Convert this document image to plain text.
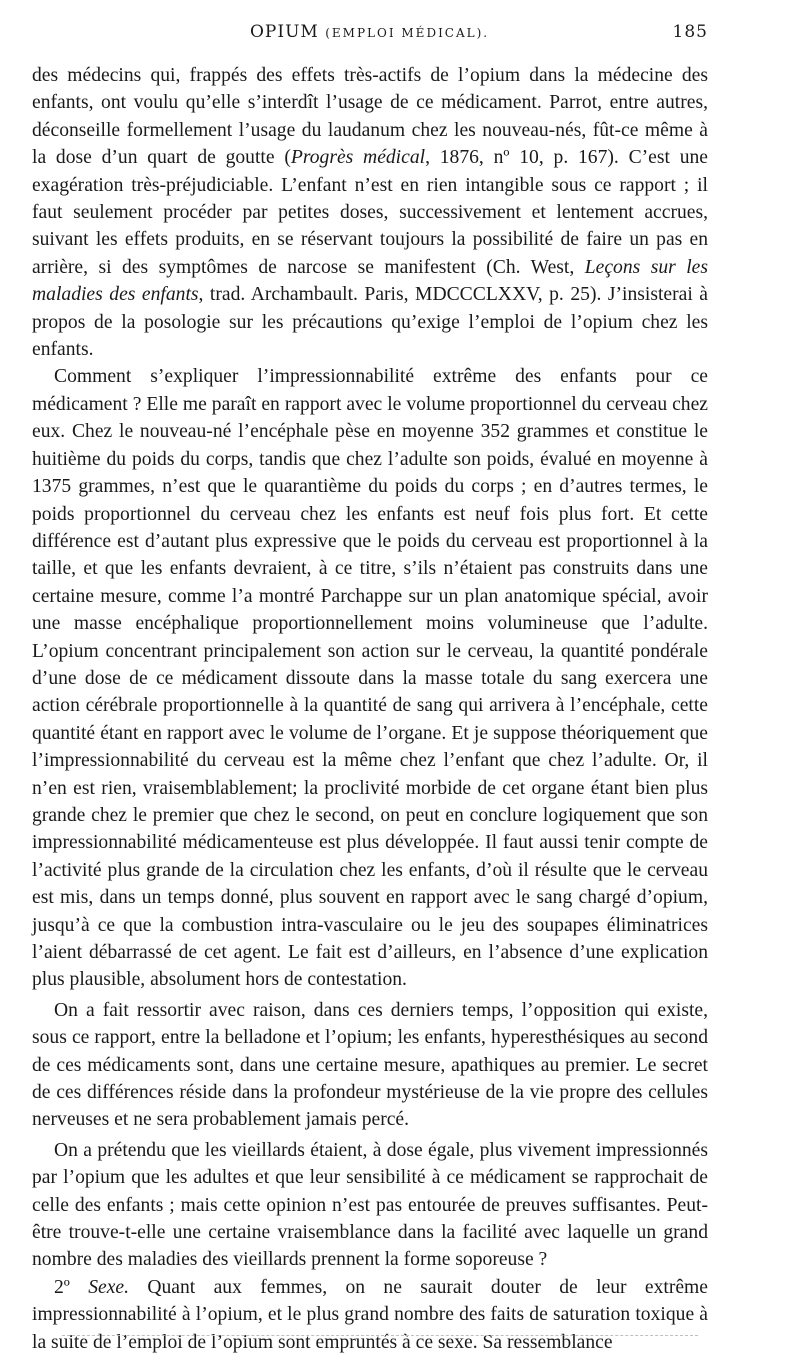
OPIUM (EMPLOI MÉDICAL).	185

des médecins qui, frappés des effets très-actifs de l’opium dans la médecine des enfants, ont voulu qu’elle s’interdît l’usage de ce médicament. Parrot, entre autres, déconseille formellement l’usage du laudanum chez les nouveau-nés, fût-ce même à la dose d’un quart de goutte (Progrès médical, 1876, nº 10, p. 167). C’est une exagération très-préjudiciable. L’enfant n’est en rien intangible sous ce rapport ; il faut seulement procéder par petites doses, successivement et lentement accrues, suivant les effets produits, en se réservant toujours la possibilité de faire un pas en arrière, si des symptômes de narcose se manifestent (Ch. West, Leçons sur les maladies des enfants, trad. Archambault. Paris, MDCCCLXXV, p. 25). J’insisterai à propos de la posologie sur les précautions qu’exige l’emploi de l’opium chez les enfants.

Comment s’expliquer l’impressionnabilité extrême des enfants pour ce médicament ? Elle me paraît en rapport avec le volume proportionnel du cerveau chez eux. Chez le nouveau-né l’encéphale pèse en moyenne 352 grammes et constitue le huitième du poids du corps, tandis que chez l’adulte son poids, évalué en moyenne à 1375 grammes, n’est que le quarantième du poids du corps ; en d’autres termes, le poids proportionnel du cerveau chez les enfants est neuf fois plus fort. Et cette différence est d’autant plus expressive que le poids du cerveau est proportionnel à la taille, et que les enfants devraient, à ce titre, s’ils n’étaient pas construits dans une certaine mesure, comme l’a montré Parchappe sur un plan anatomique spécial, avoir une masse encéphalique proportionnellement moins volumineuse que l’adulte. L’opium concentrant principalement son action sur le cerveau, la quantité pondérale d’une dose de ce médicament dissoute dans la masse totale du sang exercera une action cérébrale proportionnelle à la quantité de sang qui arrivera à l’encéphale, cette quantité étant en rapport avec le volume de l’organe. Et je suppose théoriquement que l’impressionnabilité du cerveau est la même chez l’enfant que chez l’adulte. Or, il n’en est rien, vraisemblablement; la proclivité morbide de cet organe étant bien plus grande chez le premier que chez le second, on peut en conclure logiquement que son impressionnabilité médicamenteuse est plus développée. Il faut aussi tenir compte de l’activité plus grande de la circulation chez les enfants, d’où il résulte que le cerveau est mis, dans un temps donné, plus souvent en rapport avec le sang chargé d’opium, jusqu’à ce que la combustion intra-vasculaire ou le jeu des soupapes éliminatrices l’aient débarrassé de cet agent. Le fait est d’ailleurs, en l’absence d’une explication plus plausible, absolument hors de contestation.

On a fait ressortir avec raison, dans ces derniers temps, l’opposition qui existe, sous ce rapport, entre la belladone et l’opium; les enfants, hyperesthésiques au second de ces médicaments sont, dans une certaine mesure, apathiques au premier. Le secret de ces différences réside dans la profondeur mystérieuse de la vie propre des cellules nerveuses et ne sera probablement jamais percé.

On a prétendu que les vieillards étaient, à dose égale, plus vivement impressionnés par l’opium que les adultes et que leur sensibilité à ce médicament se rapprochait de celle des enfants ; mais cette opinion n’est pas entourée de preuves suffisantes. Peut-être trouve-t-elle une certaine vraisemblance dans la facilité avec laquelle un grand nombre des maladies des vieillards prennent la forme soporeuse ?

2º Sexe. Quant aux femmes, on ne saurait douter de leur extrême impressionnabilité à l’opium, et le plus grand nombre des faits de saturation toxique à la suite de l’emploi de l’opium sont empruntés à ce sexe. Sa ressemblance
